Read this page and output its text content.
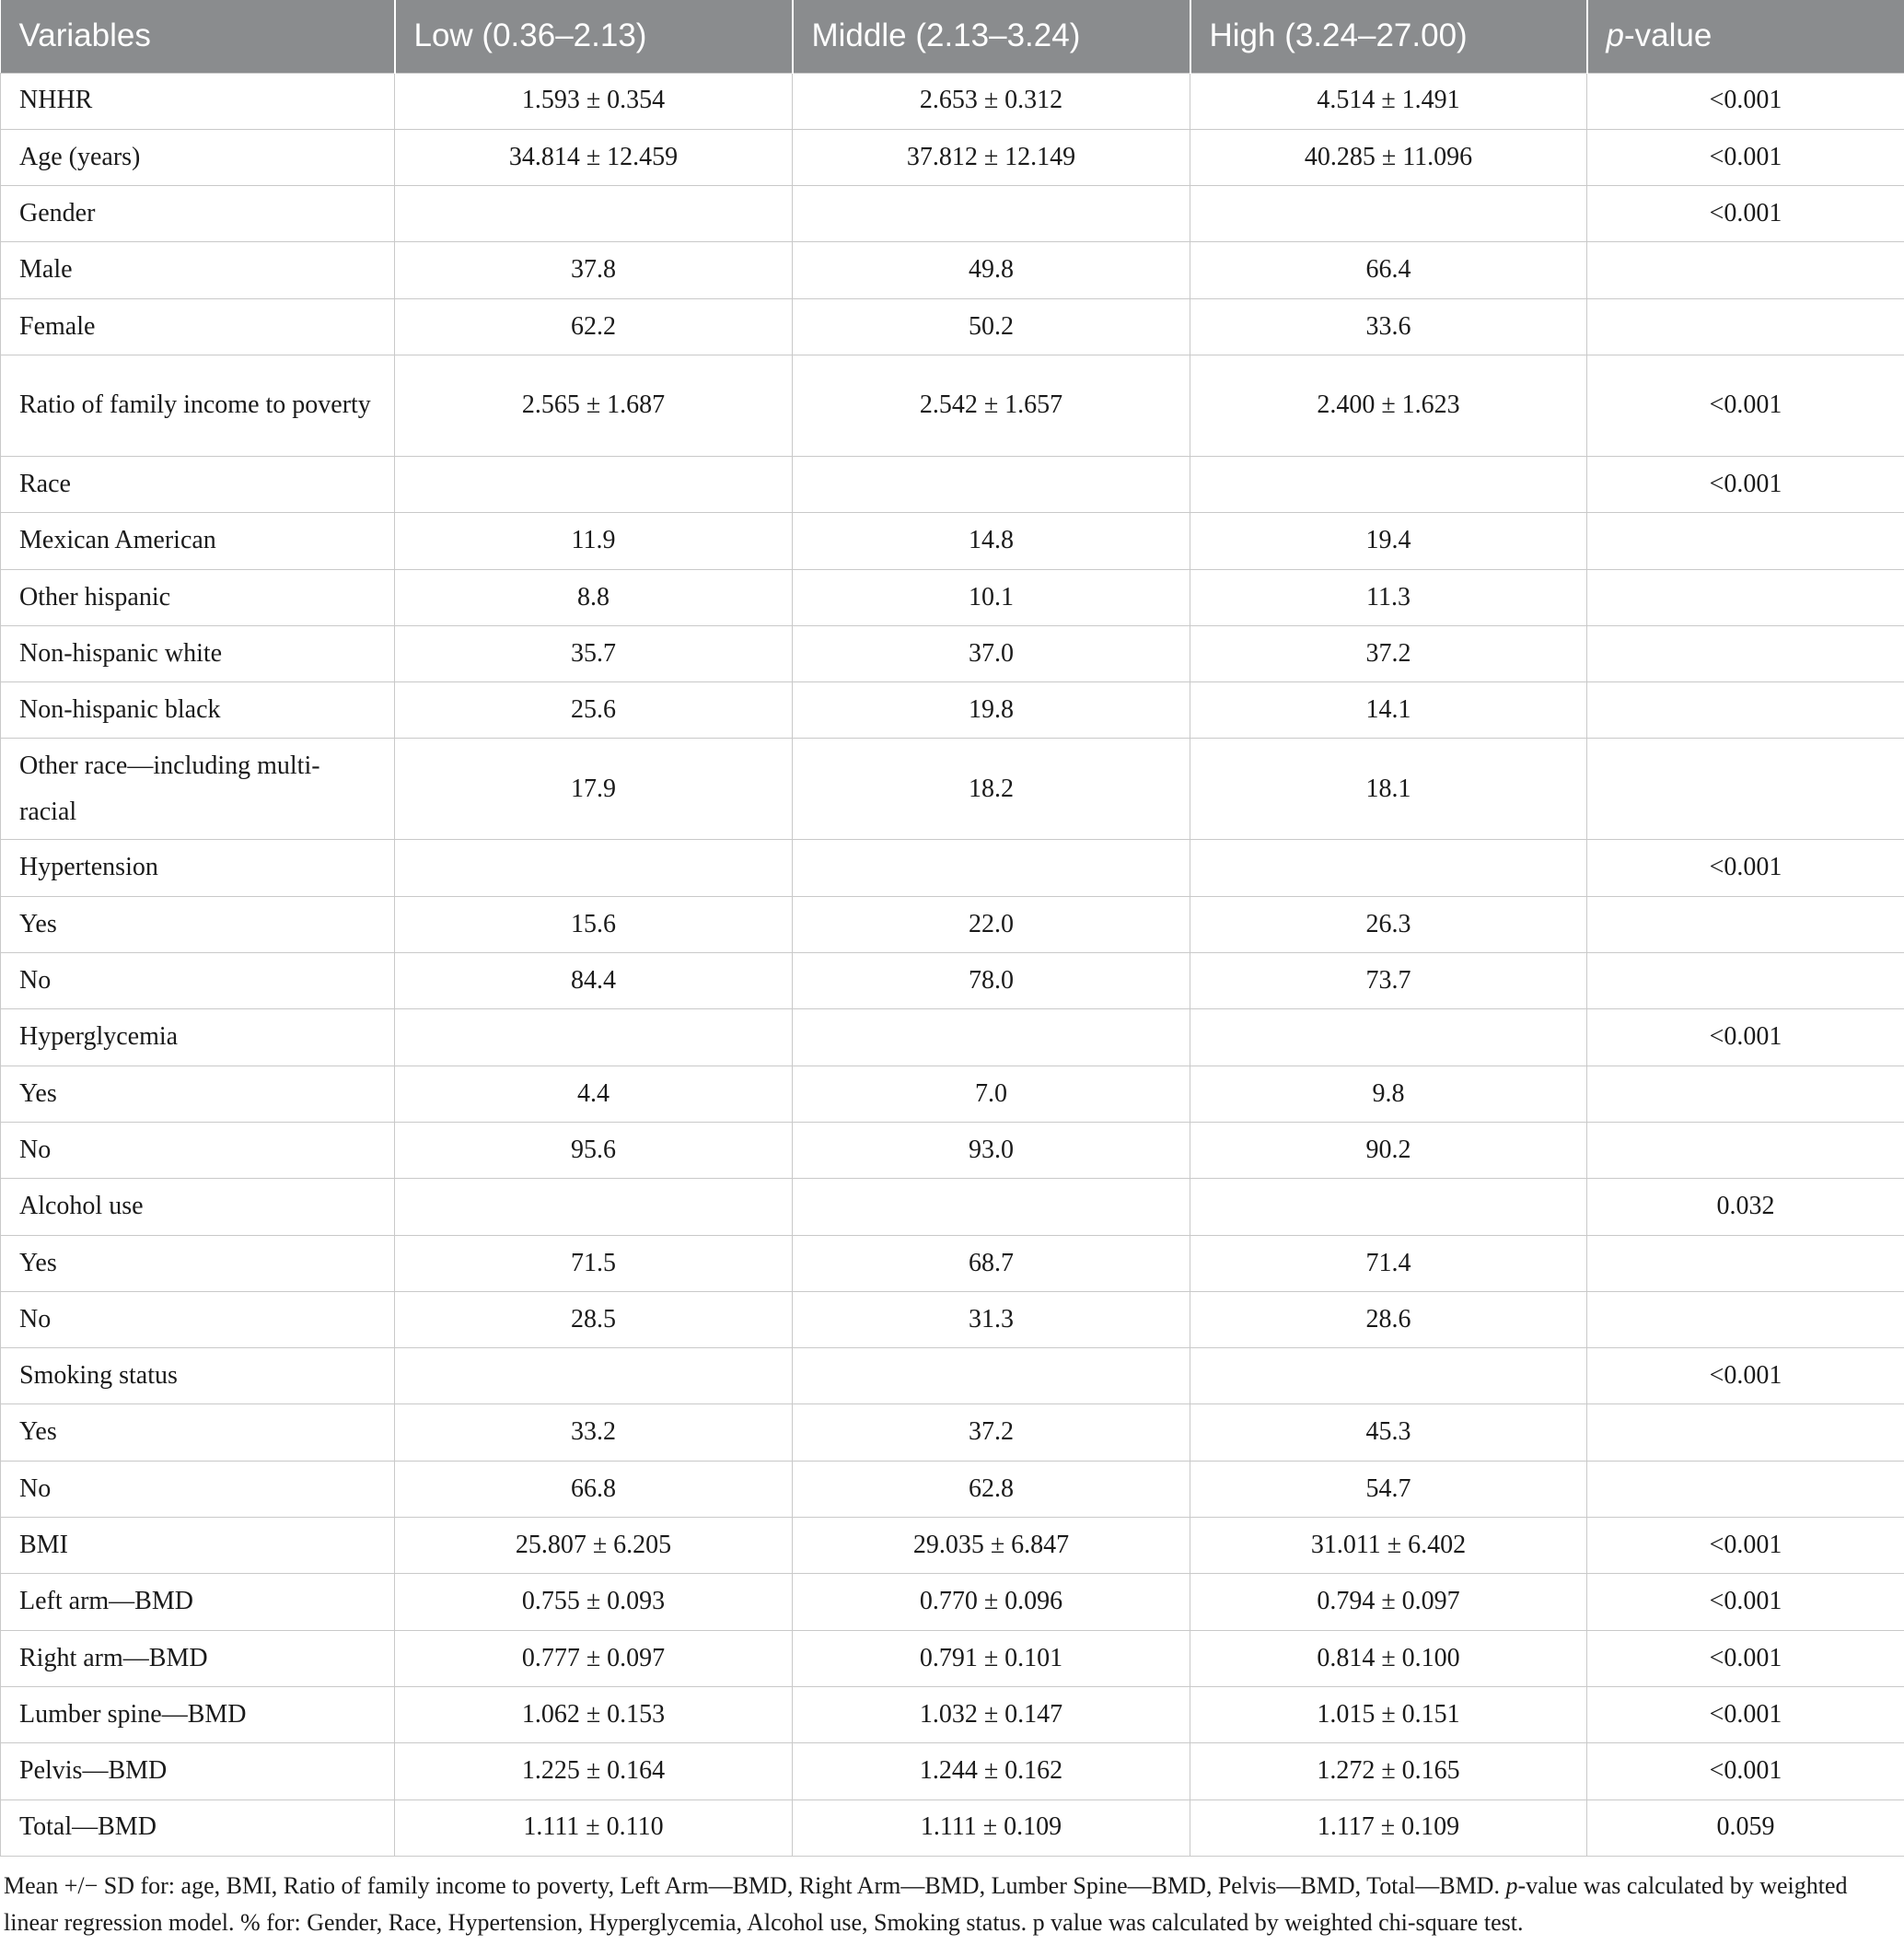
Variables	Low (0.36–2.13)	Middle (2.13–3.24)	High (3.24–27.00)	p-value
NHHR	1.593 ± 0.354	2.653 ± 0.312	4.514 ± 1.491	<0.001
Age (years)	34.814 ± 12.459	37.812 ± 12.149	40.285 ± 11.096	<0.001
Gender				<0.001
Male	37.8	49.8	66.4	
Female	62.2	50.2	33.6	
Ratio of family income to poverty	2.565 ± 1.687	2.542 ± 1.657	2.400 ± 1.623	<0.001
Race				<0.001
Mexican American	11.9	14.8	19.4	
Other hispanic	8.8	10.1	11.3	
Non-hispanic white	35.7	37.0	37.2	
Non-hispanic black	25.6	19.8	14.1	
Other race—including multi-racial	17.9	18.2	18.1	
Hypertension				<0.001
Yes	15.6	22.0	26.3	
No	84.4	78.0	73.7	
Hyperglycemia				<0.001
Yes	4.4	7.0	9.8	
No	95.6	93.0	90.2	
Alcohol use				0.032
Yes	71.5	68.7	71.4	
No	28.5	31.3	28.6	
Smoking status				<0.001
Yes	33.2	37.2	45.3	
No	66.8	62.8	54.7	
BMI	25.807 ± 6.205	29.035 ± 6.847	31.011 ± 6.402	<0.001
Left arm—BMD	0.755 ± 0.093	0.770 ± 0.096	0.794 ± 0.097	<0.001
Right arm—BMD	0.777 ± 0.097	0.791 ± 0.101	0.814 ± 0.100	<0.001
Lumber spine—BMD	1.062 ± 0.153	1.032 ± 0.147	1.015 ± 0.151	<0.001
Pelvis—BMD	1.225 ± 0.164	1.244 ± 0.162	1.272 ± 0.165	<0.001
Total—BMD	1.111 ± 0.110	1.111 ± 0.109	1.117 ± 0.109	0.059
Mean +/− SD for: age, BMI, Ratio of family income to poverty, Left Arm—BMD, Right Arm—BMD, Lumber Spine—BMD, Pelvis—BMD, Total—BMD. p-value was calculated by weighted linear regression model. % for: Gender, Race, Hypertension, Hyperglycemia, Alcohol use, Smoking status. p value was calculated by weighted chi-square test.
